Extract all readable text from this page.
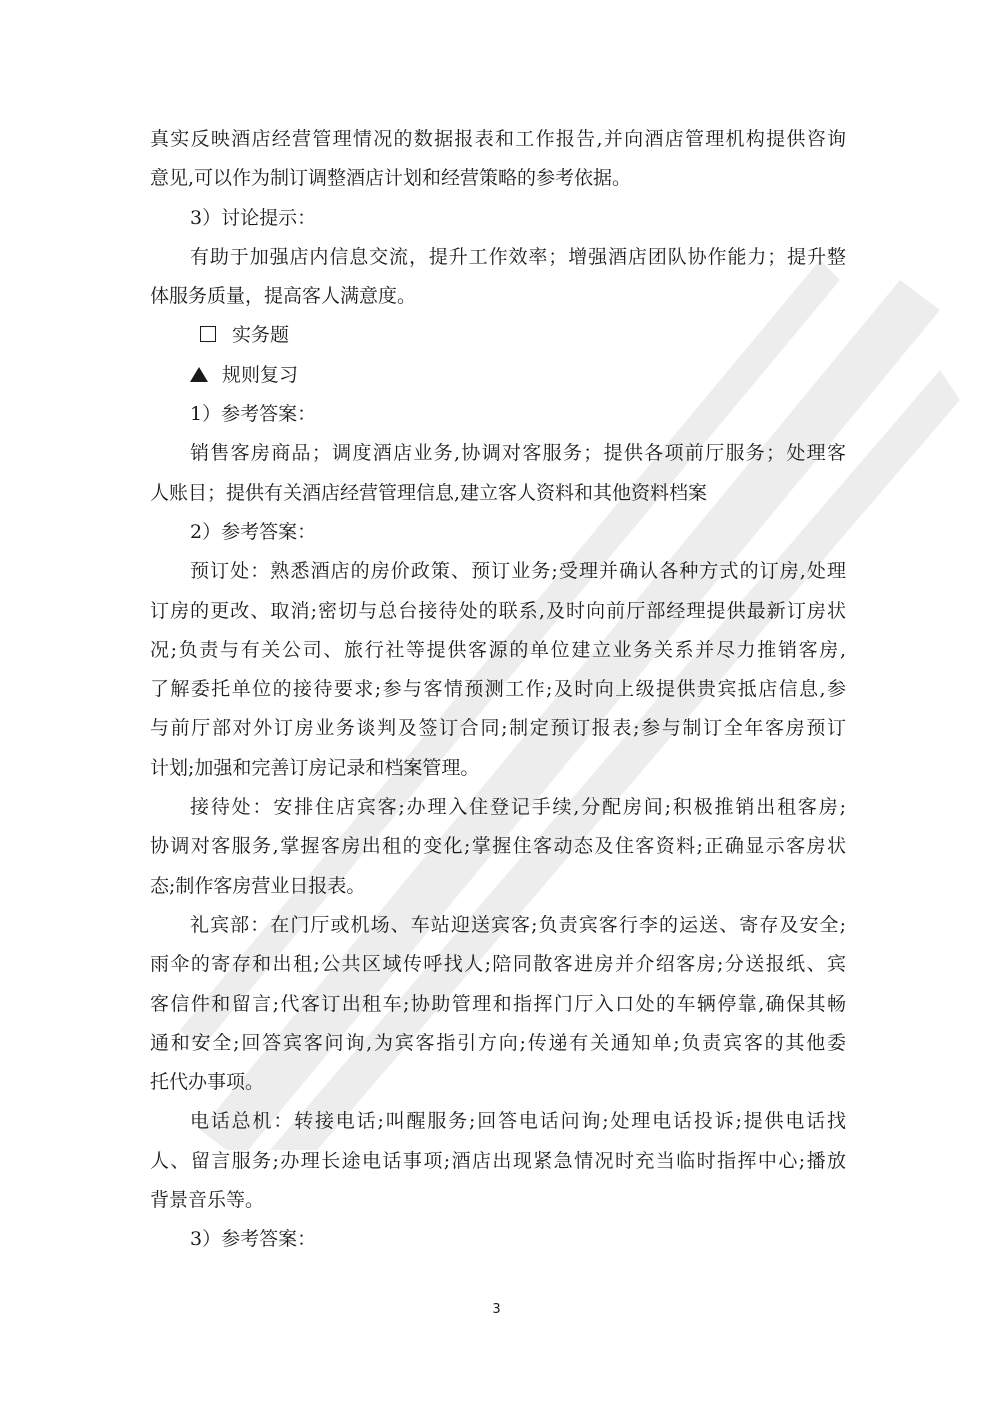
真实反映酒店经营管理情况的数据报表和工作报告,并向酒店管理机构提供咨询
意见,可以作为制订调整酒店计划和经营策略的参考依据。
3）讨论提示：
有助于加强店内信息交流，提升工作效率；增强酒店团队协作能力；提升整
体服务质量，提高客人满意度。
实务题
规则复习
1）参考答案：
销售客房商品；调度酒店业务,协调对客服务；提供各项前厅服务；处理客
人账目；提供有关酒店经营管理信息,建立客人资料和其他资料档案
2）参考答案：
预订处：熟悉酒店的房价政策、预订业务;受理并确认各种方式的订房,处理
订房的更改、取消;密切与总台接待处的联系,及时向前厅部经理提供最新订房状
况;负责与有关公司、旅行社等提供客源的单位建立业务关系并尽力推销客房,
了解委托单位的接待要求;参与客情预测工作;及时向上级提供贵宾抵店信息,参
与前厅部对外订房业务谈判及签订合同;制定预订报表;参与制订全年客房预订
计划;加强和完善订房记录和档案管理。
接待处：安排住店宾客;办理入住登记手续,分配房间;积极推销出租客房;
协调对客服务,掌握客房出租的变化;掌握住客动态及住客资料;正确显示客房状
态;制作客房营业日报表。
礼宾部：在门厅或机场、车站迎送宾客;负责宾客行李的运送、寄存及安全;
雨伞的寄存和出租;公共区域传呼找人;陪同散客进房并介绍客房;分送报纸、宾
客信件和留言;代客订出租车;协助管理和指挥门厅入口处的车辆停靠,确保其畅
通和安全;回答宾客问询,为宾客指引方向;传递有关通知单;负责宾客的其他委
托代办事项。
电话总机：转接电话;叫醒服务;回答电话问询;处理电话投诉;提供电话找
人、留言服务;办理长途电话事项;酒店出现紧急情况时充当临时指挥中心;播放
背景音乐等。
3）参考答案：
3
